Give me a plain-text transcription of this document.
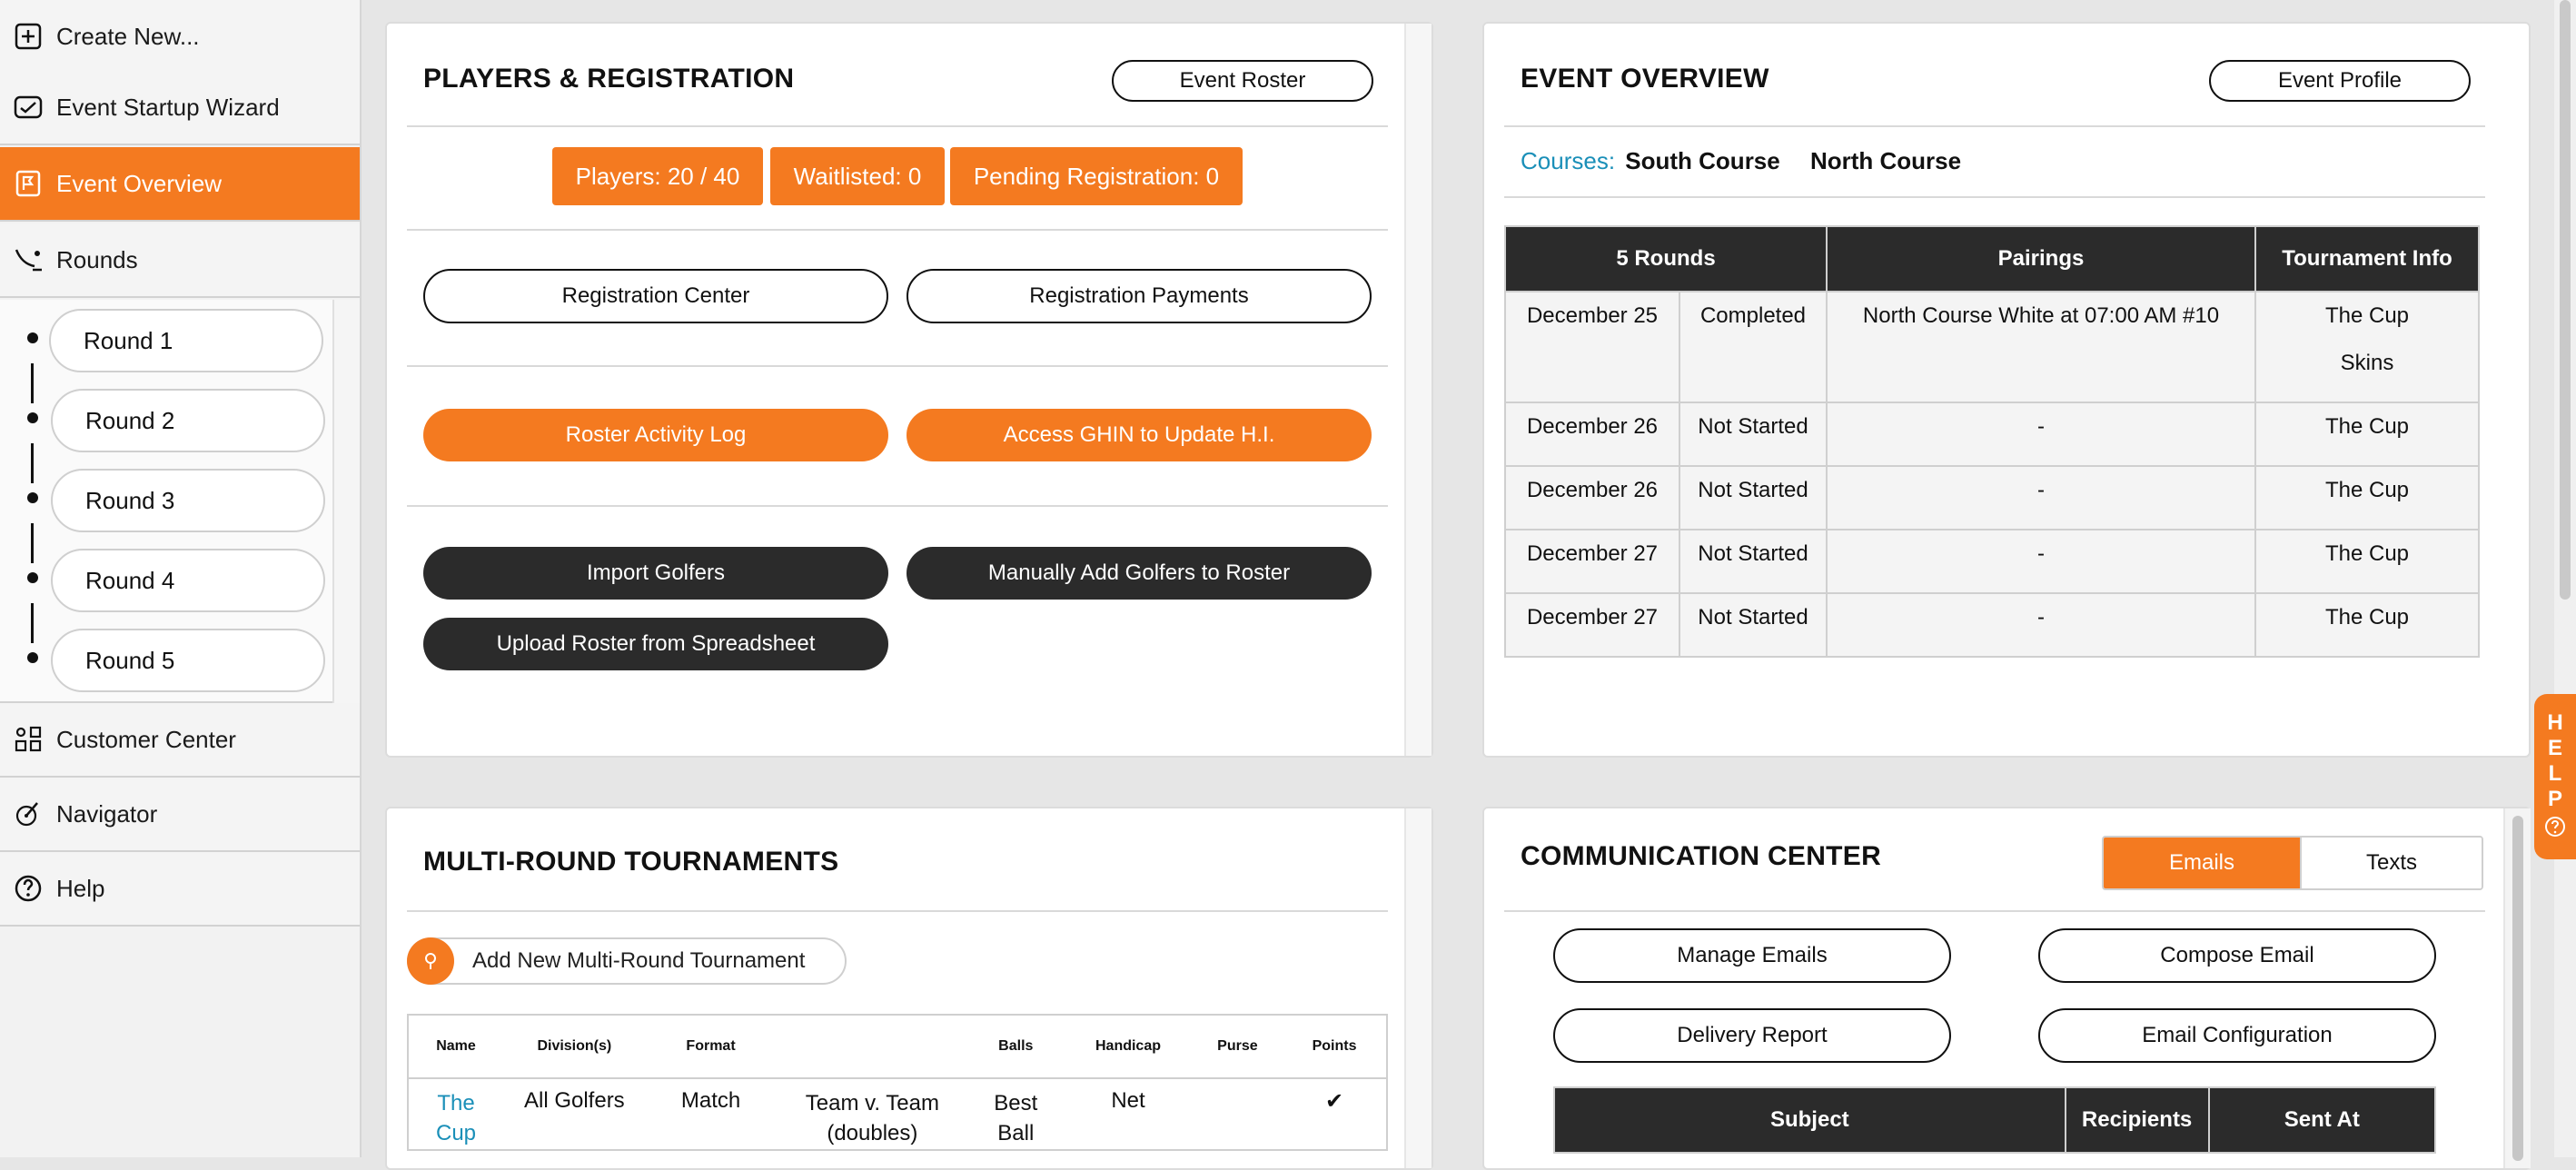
Create New...
Event Startup Wizard
Event Overview
Rounds
Round 1
Round 2
Round 3
Round 4
Round 5
Customer Center
Navigator
Help
PLAYERS & REGISTRATION	Event Roster
Players: 20 / 40	Waitlisted: 0	Pending Registration: 0
Registration Center	Registration Payments
Roster Activity Log	Access GHIN to Update H.I.
Import Golfers	Manually Add Golfers to Roster
Upload Roster from Spreadsheet
EVENT OVERVIEW	Event Profile
Courses: South Course North Course
5 Rounds		Pairings	Tournament Info
December 25	Completed	North Course White at 07:00 AM #10	The Cup
Skins

December 26	Not Started	-	The Cup
December 26	Not Started	-	The Cup
December 27	Not Started	-	The Cup
December 27	Not Started	-	The Cup
MULTI-ROUND TOURNAMENTS
Add New Multi-Round Tournament
Name	Division(s)	Format		Balls	Handicap	Purse	Points
The Cup	All Golfers	Match	Team v. Team (doubles)	Best Ball	Net		✔
COMMUNICATION CENTER	Emails	Texts
Manage Emails	Compose Email
Delivery Report	Email Configuration
Subject	Recipients	Sent At
H
E
L
P
